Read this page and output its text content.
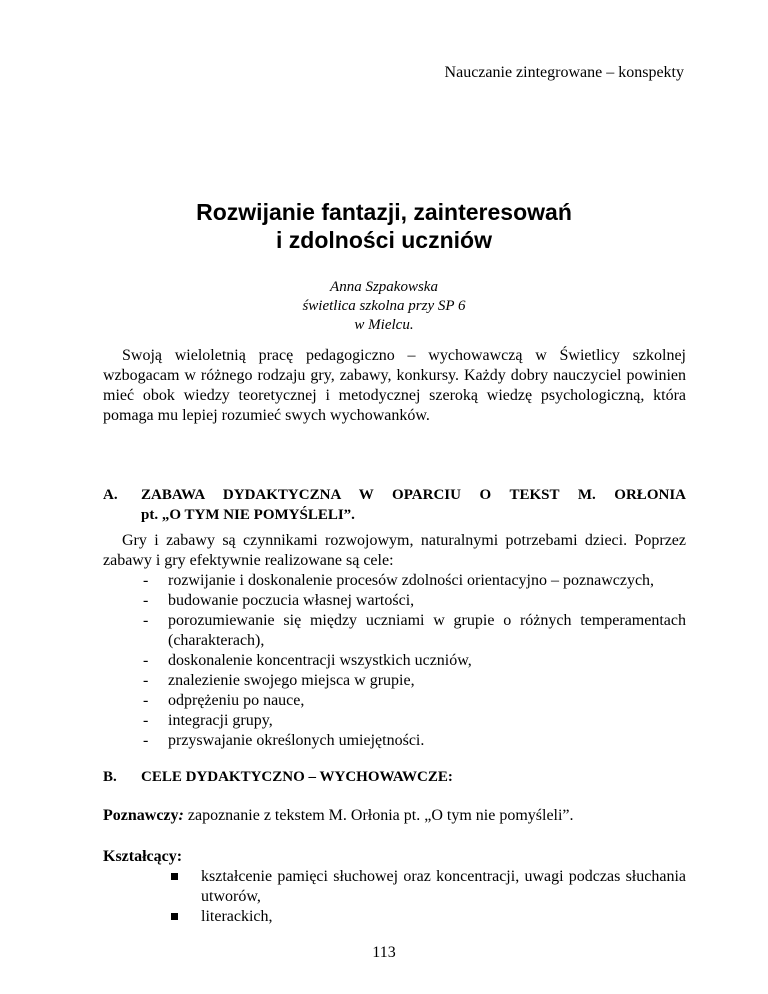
Nauczanie zintegrowane – konspekty
Rozwijanie fantazji, zainteresowań
i zdolności uczniów
Anna Szpakowska
świetlica szkolna przy SP 6
w Mielcu.

Swoją wieloletnią pracę pedagogiczno – wychowawczą w Świetlicy szkolnej wzbogacam w różnego rodzaju gry, zabawy, konkursy. Każdy dobry nauczyciel powinien mieć obok wiedzy teoretycznej i metodycznej szeroką wiedzę psychologiczną, która pomaga mu lepiej rozumieć swych wychowanków.

A. ZABAWA DYDAKTYCZNA W OPARCIU O TEKST M. ORŁONIA
pt. „O TYM NIE POMYŚLELI”.

Gry i zabawy są czynnikami rozwojowym, naturalnymi potrzebami dzieci. Poprzez zabawy i gry efektywnie realizowane są cele:

- rozwijanie i doskonalenie procesów zdolności orientacyjno – poznawczych,
- budowanie poczucia własnej wartości,
- porozumiewanie się między uczniami w grupie o różnych temperamentach (charakterach),
- doskonalenie koncentracji wszystkich uczniów,
- znalezienie swojego miejsca w grupie,
- odprężeniu po nauce,
- integracji grupy,
- przyswajanie określonych umiejętności.
B. CELE DYDAKTYCZNO – WYCHOWAWCZE:

Poznawczy: zapoznanie z tekstem M. Orłonia pt. „O tym nie pomyśleli”.

Kształcący:
kształcenie pamięci słuchowej oraz koncentracji, uwagi podczas słuchania utworów,
literackich,
113
